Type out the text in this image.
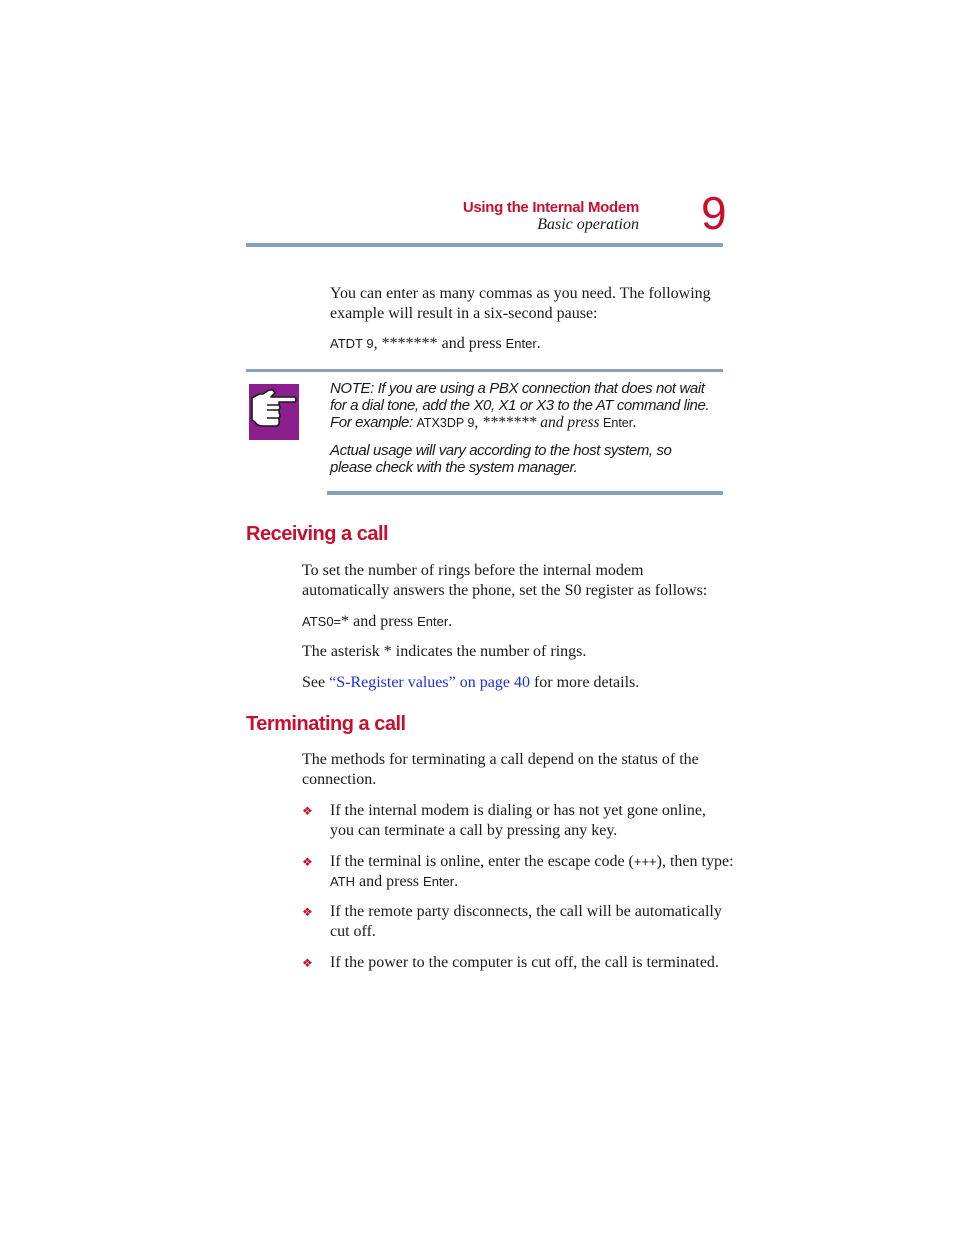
Using the Internal Modem
Basic operation 9
You can enter as many commas as you need. The following
example will result in a six-second pause:
ATDT 9, ******* and press Enter.
NOTE: If you are using a PBX connection that does not wait
for a dial tone, add the X0, X1 or X3 to the AT command line.
For example: ATX3DP 9, ******* and press Enter.
Actual usage will vary according to the host system, so
please check with the system manager.
Receiving a call
To set the number of rings before the internal modem
automatically answers the phone, set the S0 register as follows:
ATS0=* and press Enter.
The asterisk * indicates the number of rings.
See “S-Register values” on page 40 for more details.
Terminating a call
The methods for terminating a call depend on the status of the
connection.
❖ If the internal modem is dialing or has not yet gone online,
you can terminate a call by pressing any key.
❖ If the terminal is online, enter the escape code (+++), then type:
ATH and press Enter.
❖ If the remote party disconnects, the call will be automatically
cut off.
❖ If the power to the computer is cut off, the call is terminated.
